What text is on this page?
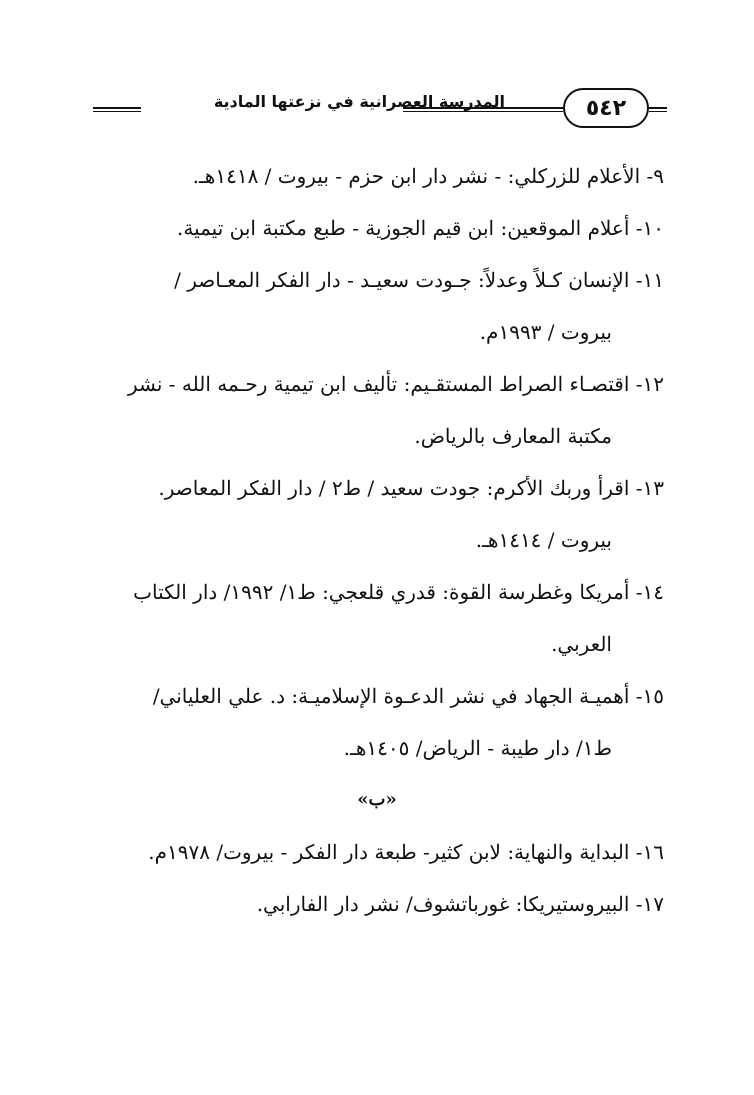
المدرسة العصرانية في نزعتها المادية	٥٤٢
٩- الأعلام للزركلي: - نشر دار ابن حزم - بيروت / ١٤١٨هـ.
١٠- أعلام الموقعين: ابن قيم الجوزية - طبع مكتبة ابن تيمية.
١١- الإنسان كـلاً وعدلاً: جـودت سعيـد - دار الفكر المعـاصر /
بيروت / ١٩٩٣م.
١٢- اقتصـاء الصراط المستقـيم: تأليف ابن تيمية رحـمه الله - نشر
مكتبة المعارف بالرياض.
١٣- اقرأ وربك الأكرم: جودت سعيد / ط٢ / دار الفكر المعاصر.
بيروت / ١٤١٤هـ.
١٤- أمريكا وغطرسة القوة: قدري قلعجي: ط١/ ١٩٩٢/ دار الكتاب
العربي.
١٥- أهميـة الجهاد في نشر الدعـوة الإسلاميـة: د. علي العلياني/
ط١/ دار طيبة - الرياض/ ١٤٠٥هـ.
«ب»
١٦- البداية والنهاية: لابن كثير- طبعة دار الفكر - بيروت/ ١٩٧٨م.
١٧- البيروستيريكا: غورباتشوف/ نشر دار الفارابي.
